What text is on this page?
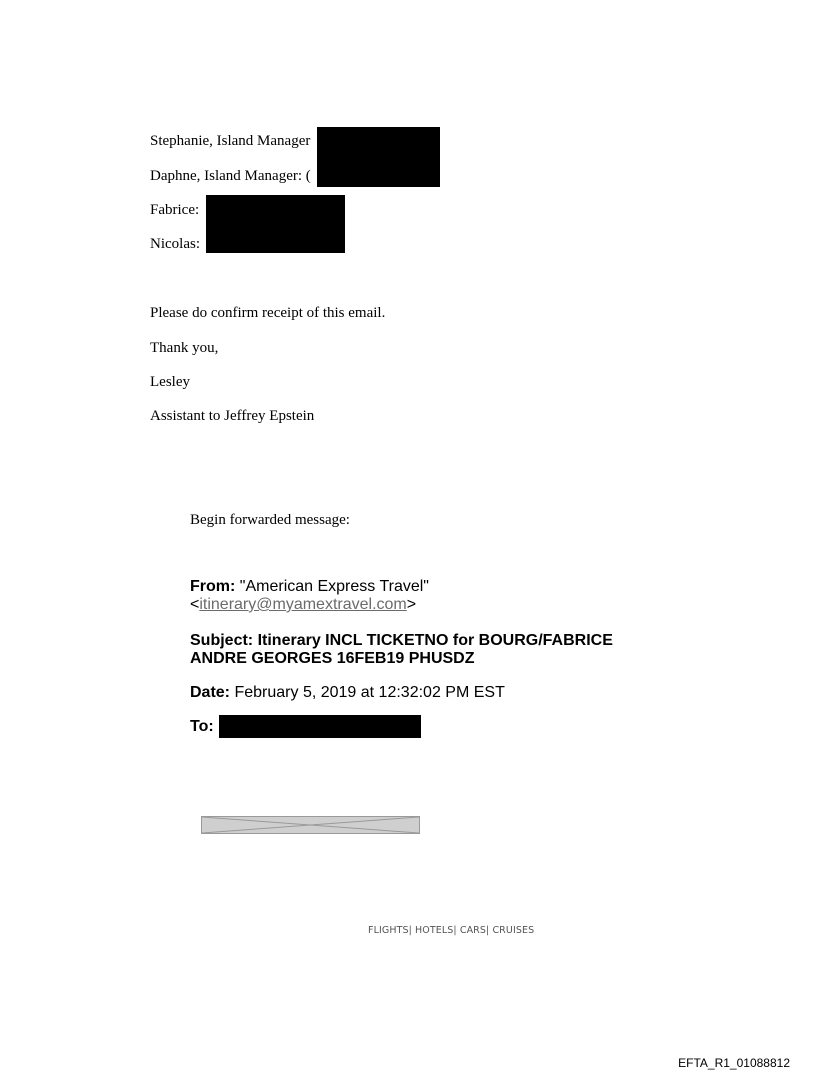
Stephanie, Island Manager
Daphne, Island Manager: (
Fabrice:
Nicolas:
Please do confirm receipt of this email.
Thank you,
Lesley
Assistant to Jeffrey Epstein
Begin forwarded message:
From: "American Express Travel"
<itinerary@myamextravel.com>
Subject: Itinerary INCL TICKETNO for BOURG/FABRICE
ANDRE GEORGES 16FEB19 PHUSDZ
Date: February 5, 2019 at 12:32:02 PM EST
To:
FLIGHTS| HOTELS| CARS| CRUISES
EFTA_R1_01088812
